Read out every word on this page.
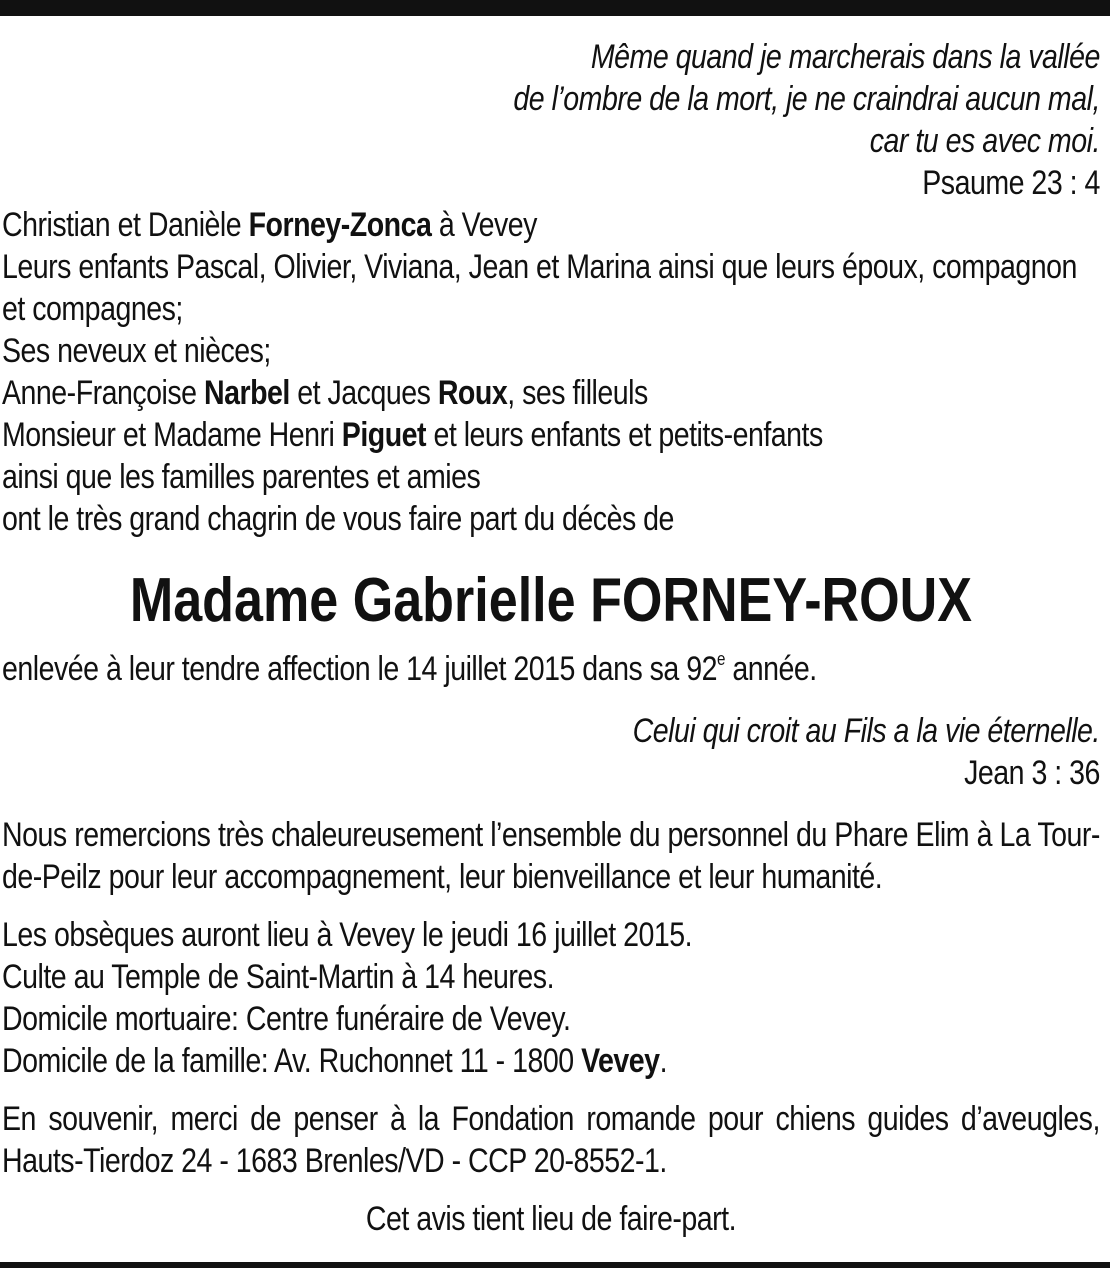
Même quand je marcherais dans la vallée
de l’ombre de la mort, je ne craindrai aucun mal,
car tu es avec moi.
Psaume 23 : 4
Christian et Danièle Forney-Zonca à Vevey
Leurs enfants Pascal, Olivier, Viviana, Jean et Marina ainsi que leurs époux, compagnon et compagnes;
Ses neveux et nièces;
Anne-Françoise Narbel et Jacques Roux, ses filleuls
Monsieur et Madame Henri Piguet et leurs enfants et petits-enfants
ainsi que les familles parentes et amies
ont le très grand chagrin de vous faire part du décès de
Madame Gabrielle FORNEY-ROUX
enlevée à leur tendre affection le 14 juillet 2015 dans sa 92e année.
Celui qui croit au Fils a la vie éternelle.
Jean 3 : 36
Nous remercions très chaleureusement l’ensemble du personnel du Phare Elim à La Tour-de-Peilz pour leur accompagnement, leur bienveillance et leur humanité.
Les obsèques auront lieu à Vevey le jeudi 16 juillet 2015.
Culte au Temple de Saint-Martin à 14 heures.
Domicile mortuaire: Centre funéraire de Vevey.
Domicile de la famille: Av. Ruchonnet 11 - 1800 Vevey.
En souvenir, merci de penser à la Fondation romande pour chiens guides d’aveugles, Hauts-Tierdoz 24 - 1683 Brenles/VD - CCP 20-8552-1.
Cet avis tient lieu de faire-part.
